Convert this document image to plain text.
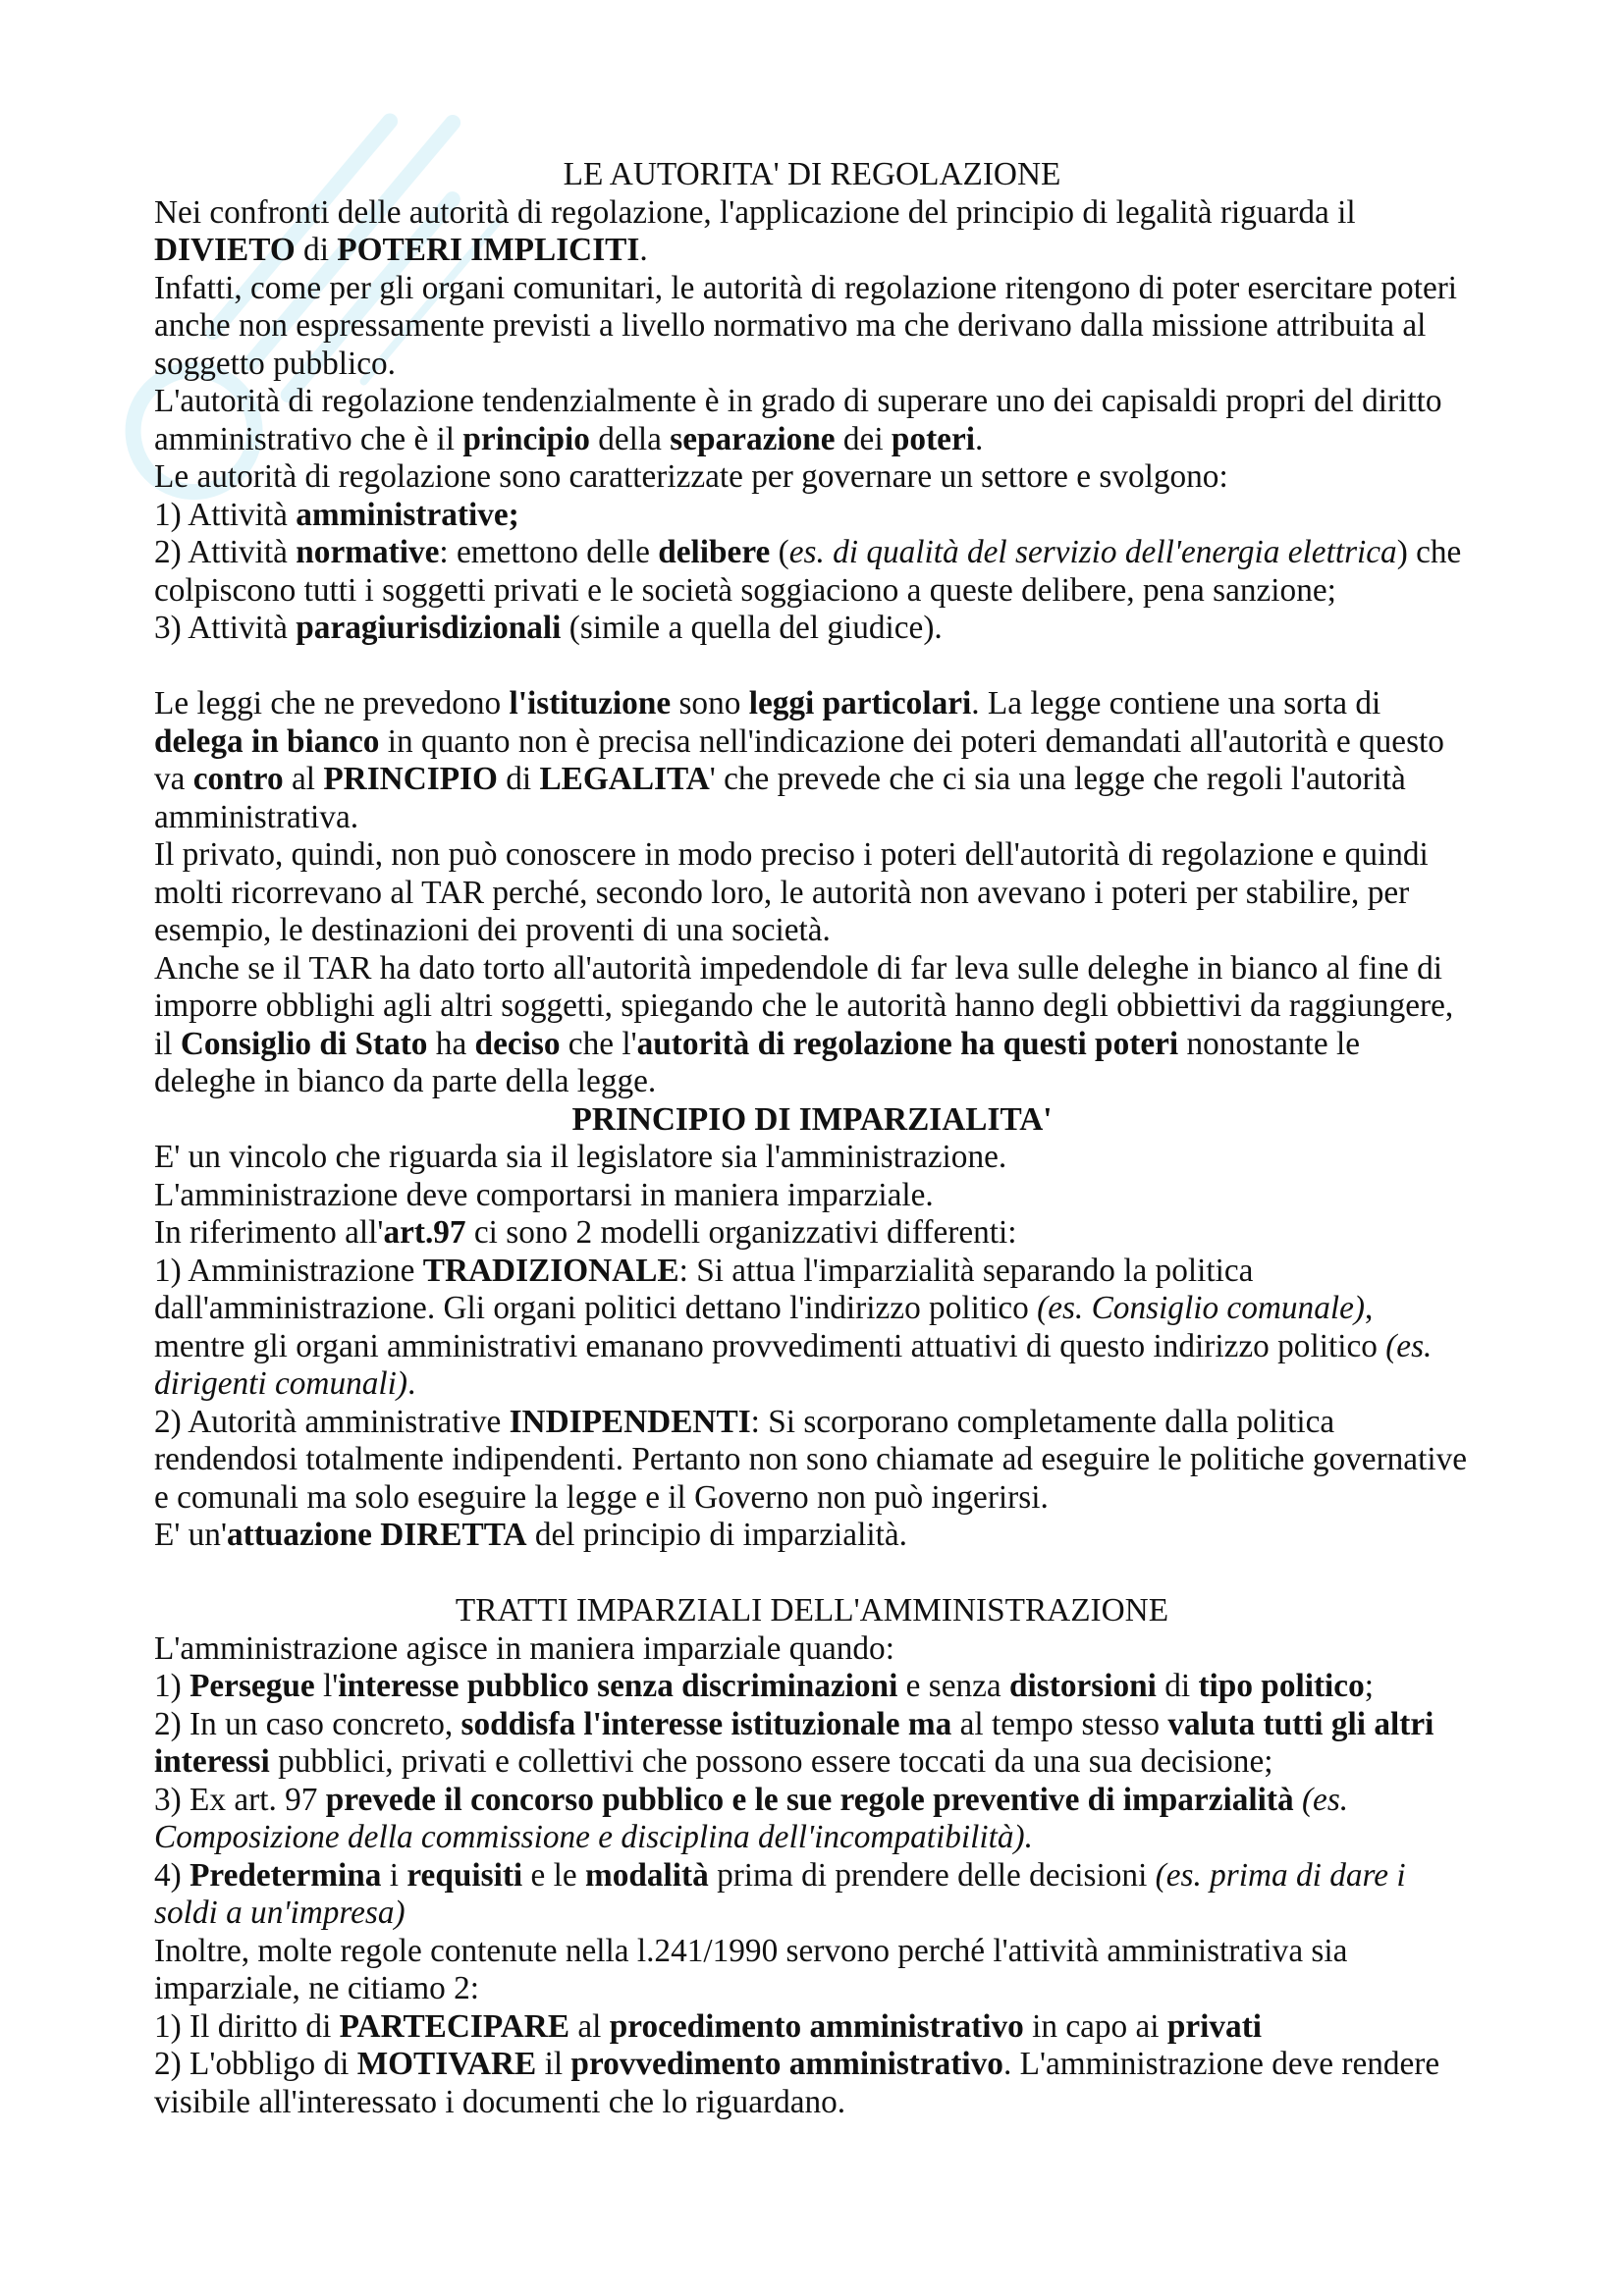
LE AUTORITA' DI REGOLAZIONE
Nei confronti delle autorità di regolazione, l'applicazione del principio di legalità riguarda il
DIVIETO di POTERI IMPLICITI.
Infatti, come per gli organi comunitari, le autorità di regolazione ritengono di poter esercitare poteri
anche non espressamente previsti a livello normativo ma che derivano dalla missione attribuita al
soggetto pubblico.
L'autorità di regolazione tendenzialmente è in grado di superare uno dei capisaldi propri del diritto
amministrativo che è il principio della separazione dei poteri.
Le autorità di regolazione sono caratterizzate per governare un settore e svolgono:
1) Attività amministrative;
2) Attività normative: emettono delle delibere (es. di qualità del servizio dell'energia elettrica) che
colpiscono tutti i soggetti privati e le società soggiaciono a queste delibere, pena sanzione;
3) Attività paragiurisdizionali (simile a quella del giudice).
Le leggi che ne prevedono l'istituzione sono leggi particolari. La legge contiene una sorta di
delega in bianco in quanto non è precisa nell'indicazione dei poteri demandati all'autorità e questo
va contro al PRINCIPIO di LEGALITA' che prevede che ci sia una legge che regoli l'autorità
amministrativa.
Il privato, quindi, non può conoscere in modo preciso i poteri dell'autorità di regolazione e quindi
molti ricorrevano al TAR perché, secondo loro, le autorità non avevano i poteri per stabilire, per
esempio, le destinazioni dei proventi di una società.
Anche se il TAR ha dato torto all'autorità impedendole di far leva sulle deleghe in bianco al fine di
imporre obblighi agli altri soggetti, spiegando che le autorità hanno degli obbiettivi da raggiungere,
il Consiglio di Stato ha deciso che l'autorità di regolazione ha questi poteri nonostante le
deleghe in bianco da parte della legge.
PRINCIPIO DI IMPARZIALITA'
E' un vincolo che riguarda sia il legislatore sia l'amministrazione.
L'amministrazione deve comportarsi in maniera imparziale.
In riferimento all'art.97 ci sono 2 modelli organizzativi differenti:
1) Amministrazione TRADIZIONALE: Si attua l'imparzialità separando la politica
dall'amministrazione. Gli organi politici dettano l'indirizzo politico (es. Consiglio comunale),
mentre gli organi amministrativi emanano provvedimenti attuativi di questo indirizzo politico (es.
dirigenti comunali).
2) Autorità amministrative INDIPENDENTI: Si scorporano completamente dalla politica
rendendosi totalmente indipendenti. Pertanto non sono chiamate ad eseguire le politiche governative
e comunali ma solo eseguire la legge e il Governo non può ingerirsi.
E' un'attuazione DIRETTA del principio di imparzialità.
TRATTI IMPARZIALI DELL'AMMINISTRAZIONE
L'amministrazione agisce in maniera imparziale quando:
1) Persegue l'interesse pubblico senza discriminazioni e senza distorsioni di tipo politico;
2) In un caso concreto, soddisfa l'interesse istituzionale ma al tempo stesso valuta tutti gli altri
interessi pubblici, privati e collettivi che possono essere toccati da una sua decisione;
3) Ex art. 97 prevede il concorso pubblico e le sue regole preventive di imparzialità (es.
Composizione della commissione e disciplina dell'incompatibilità).
4) Predetermina i requisiti e le modalità prima di prendere delle decisioni (es. prima di dare i
soldi a un'impresa)
Inoltre, molte regole contenute nella l.241/1990 servono perché l'attività amministrativa sia
imparziale, ne citiamo 2:
1) Il diritto di PARTECIPARE al procedimento amministrativo in capo ai privati
2) L'obbligo di MOTIVARE il provvedimento amministrativo. L'amministrazione deve rendere
visibile all'interessato i documenti che lo riguardano.
